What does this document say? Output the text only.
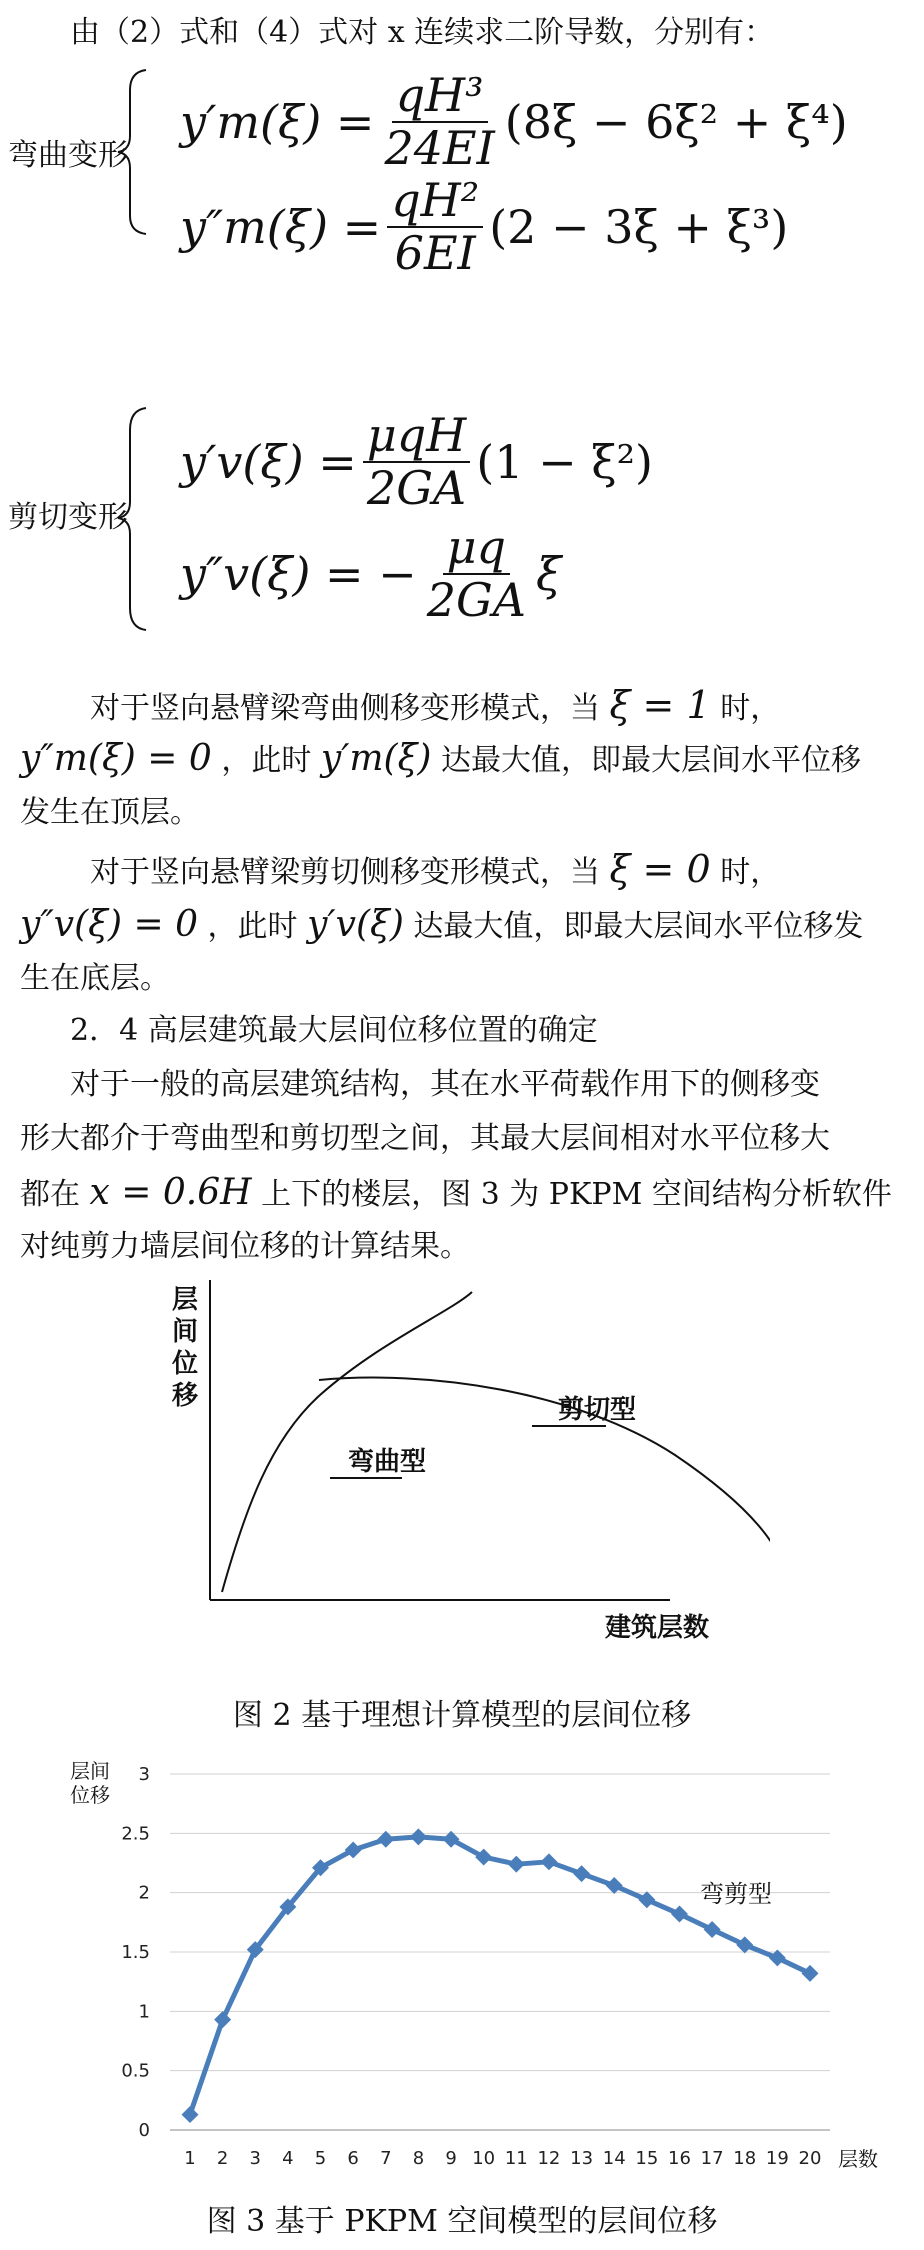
由（2）式和（4）式对 x 连续求二阶导数，分别有：
弯曲变形
$y'm(\xi) = \frac{\text{qH³}}{24EI} (8\xi - 6\xi^2 + \xi^4)$
$y''m(\xi) = \frac{\text{qH²}}{6EI} (2 - 3\xi + \xi^3)$
剪切变形
$y'v(\xi) = \frac{\text{μqH}}{2GA} (1 - \xi^2)$
y″v(ξ) = − $\frac{\mu q}{2GA}$ ξ
对于竖向悬臂梁弯曲侧移变形模式，当 ξ = 1 时，
y″m(ξ) = 0 ，此时 y′m(ξ) 达最大值，即最大层间水平位移
发生在顶层。
对于竖向悬臂梁剪切侧移变形模式，当 ξ = 0 时，
y″v(ξ) = 0 ，此时 y′v(ξ) 达最大值，即最大层间水平位移发
生在底层。
2．4 高层建筑最大层间位移位置的确定
对于一般的高层建筑结构，其在水平荷载作用下的侧移变
形大都介于弯曲型和剪切型之间，其最大层间相对水平位移大
都在 x = 0.6H 上下的楼层，图 3 为 PKPM 空间结构分析软件
对纯剪力墙层间位移的计算结果。
层
间
位
移
弯曲型
剪切型
建筑层数
图 2 基于理想计算模型的层间位移
0
0.5
1
1.5
2
2.5
3
1 2 3 4 5 6 7 8 9 10 11 12 13 14 15 16 17 18 19 20
层间
位移
层数
弯剪型
图 3 基于 PKPM 空间模型的层间位移
